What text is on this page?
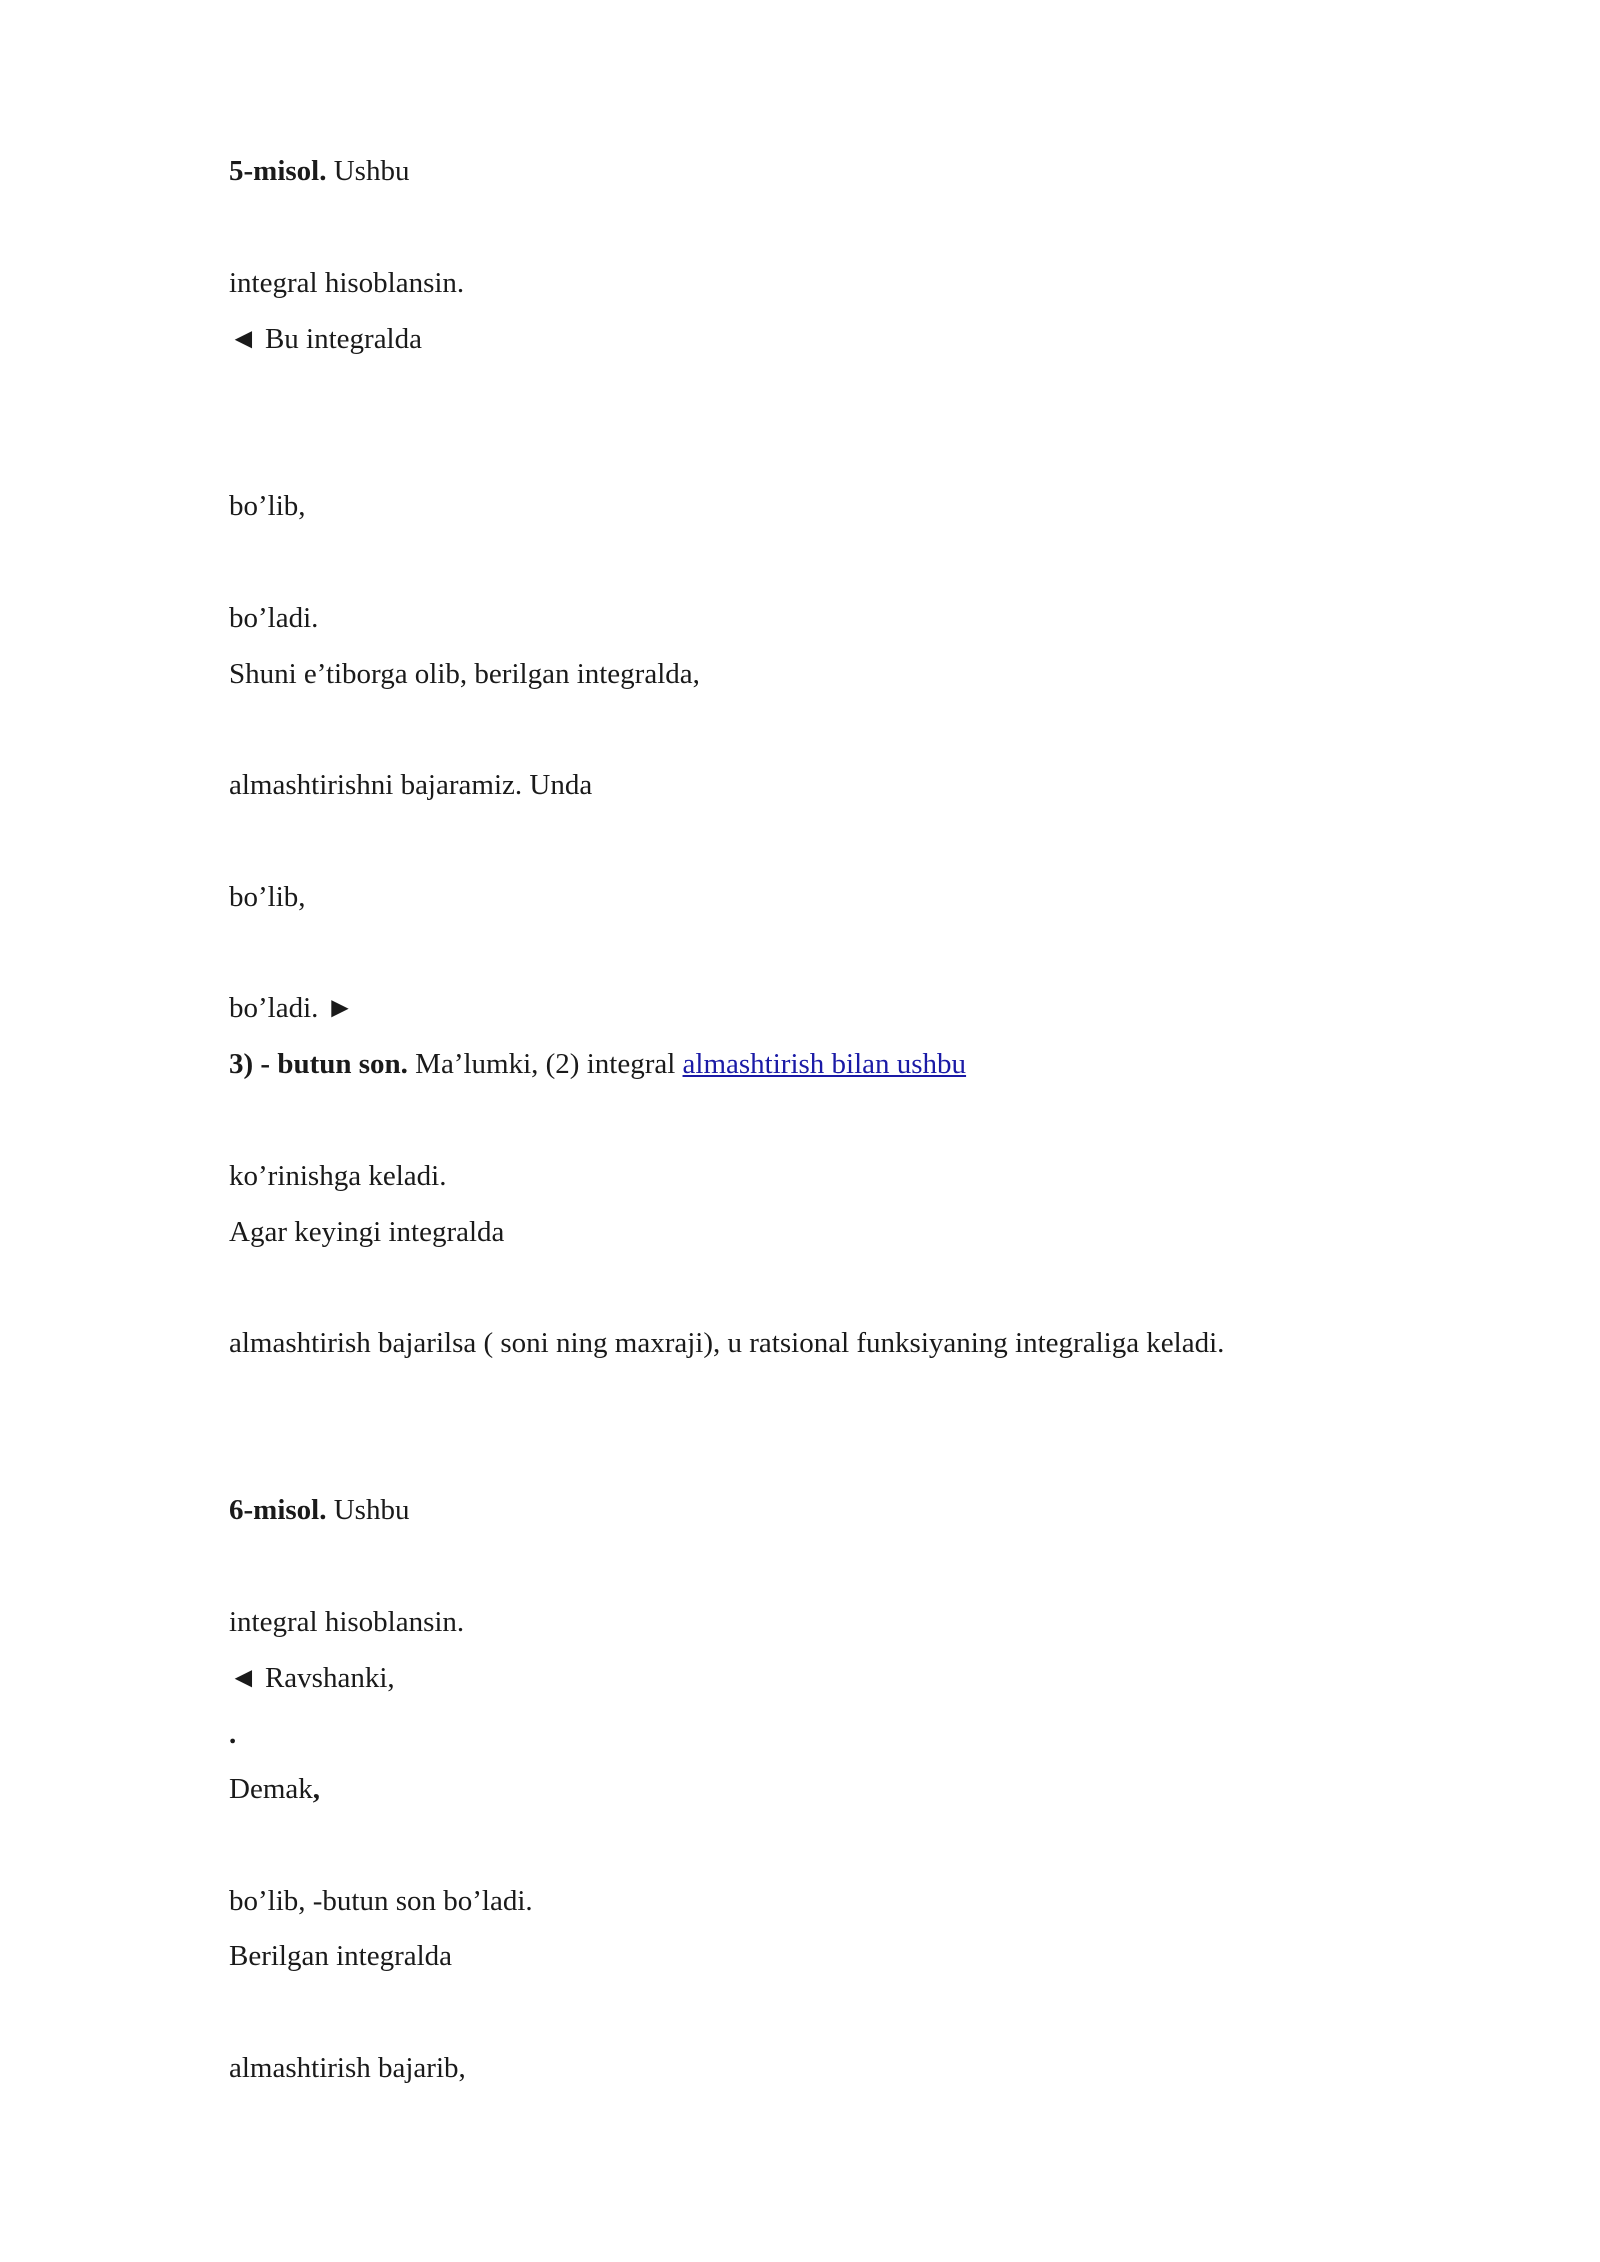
5-misol. Ushbu
integral hisoblansin.
◄ Bu integralda
bo’lib,
bo’ladi.
Shuni e’tiborga olib, berilgan integralda,
almashtirishni bajaramiz. Unda
bo’lib,
bo’ladi. ►
3) - butun son. Ma’lumki, (2) integral almashtirish bilan ushbu
ko’rinishga keladi.
Agar keyingi integralda
almashtirish bajarilsa ( soni ning maxraji), u ratsional funksiyaning integraliga keladi.
6-misol. Ushbu
integral hisoblansin.
◄ Ravshanki,
.
Demak,
bo’lib, -butun son bo’ladi.
Berilgan integralda
almashtirish bajarib,
